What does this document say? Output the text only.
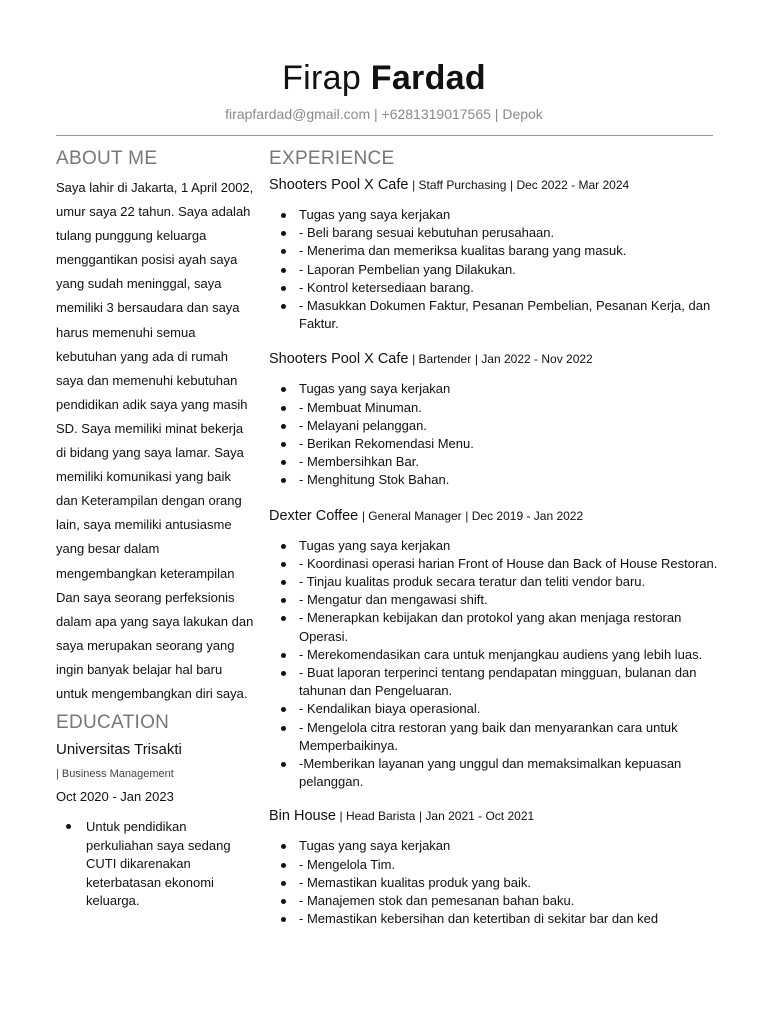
Firap Fardad
firapfardad@gmail.com | +6281319017565 | Depok
ABOUT ME
Saya lahir di Jakarta, 1 April 2002, umur saya 22 tahun. Saya adalah tulang punggung keluarga menggantikan posisi ayah saya yang sudah meninggal, saya memiliki 3 bersaudara dan saya harus memenuhi semua kebutuhan yang ada di rumah saya dan memenuhi kebutuhan pendidikan adik saya yang masih SD. Saya memiliki minat bekerja di bidang yang saya lamar. Saya memiliki komunikasi yang baik dan Keterampilan dengan orang lain, saya memiliki antusiasme yang besar dalam mengembangkan keterampilan Dan saya seorang perfeksionis dalam apa yang saya lakukan dan saya merupakan seorang yang ingin banyak belajar hal baru untuk mengembangkan diri saya.
EDUCATION
Universitas Trisakti
| Business Management
Oct 2020 - Jan 2023
Untuk pendidikan perkuliahan saya sedang CUTI dikarenakan keterbatasan ekonomi keluarga.
EXPERIENCE
Shooters Pool X Cafe | Staff Purchasing | Dec 2022 - Mar 2024
Tugas yang saya kerjakan
- Beli barang sesuai kebutuhan perusahaan.
- Menerima dan memeriksa kualitas barang yang masuk.
- Laporan Pembelian yang Dilakukan.
- Kontrol ketersediaan barang.
- Masukkan Dokumen Faktur, Pesanan Pembelian, Pesanan Kerja, dan Faktur.
Shooters Pool X Cafe | Bartender | Jan 2022 - Nov 2022
Tugas yang saya kerjakan
- Membuat Minuman.
- Melayani pelanggan.
- Berikan Rekomendasi Menu.
- Membersihkan Bar.
- Menghitung Stok Bahan.
Dexter Coffee | General Manager | Dec 2019 - Jan 2022
Tugas yang saya kerjakan
- Koordinasi operasi harian Front of House dan Back of House Restoran.
- Tinjau kualitas produk secara teratur dan teliti vendor baru.
- Mengatur dan mengawasi shift.
- Menerapkan kebijakan dan protokol yang akan menjaga restoran Operasi.
- Merekomendasikan cara untuk menjangkau audiens yang lebih luas.
- Buat laporan terperinci tentang pendapatan mingguan, bulanan dan tahunan dan Pengeluaran.
- Kendalikan biaya operasional.
- Mengelola citra restoran yang baik dan menyarankan cara untuk Memperbaikinya.
-Memberikan layanan yang unggul dan memaksimalkan kepuasan pelanggan.
Bin House | Head Barista | Jan 2021 - Oct 2021
Tugas yang saya kerjakan
- Mengelola Tim.
- Memastikan kualitas produk yang baik.
- Manajemen stok dan pemesanan bahan baku.
- Memastikan kebersihan dan ketertiban di sekitar bar dan ked
